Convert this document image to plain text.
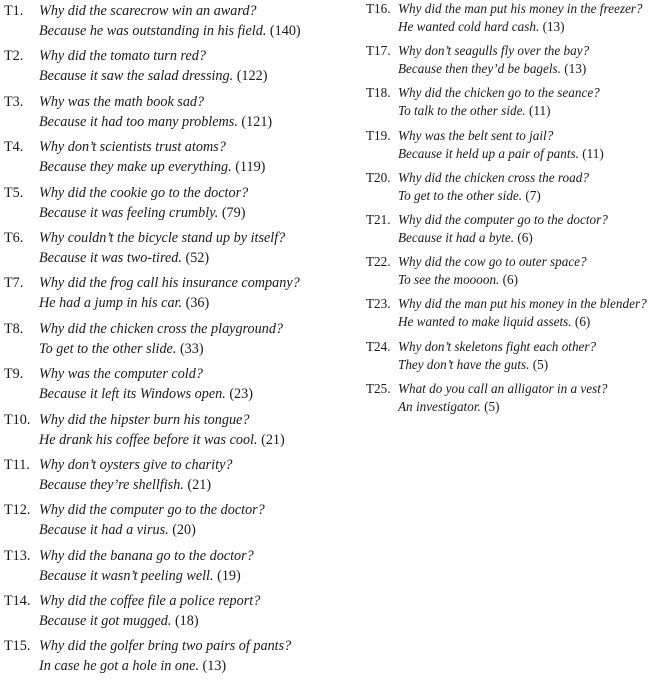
T1. Why did the scarecrow win an award?
Because he was outstanding in his field. (140)
T2. Why did the tomato turn red?
Because it saw the salad dressing. (122)
T3. Why was the math book sad?
Because it had too many problems. (121)
T4. Why don’t scientists trust atoms?
Because they make up everything. (119)
T5. Why did the cookie go to the doctor?
Because it was feeling crumbly. (79)
T6. Why couldn’t the bicycle stand up by itself?
Because it was two-tired. (52)
T7. Why did the frog call his insurance company?
He had a jump in his car. (36)
T8. Why did the chicken cross the playground?
To get to the other slide. (33)
T9. Why was the computer cold?
Because it left its Windows open. (23)
T10. Why did the hipster burn his tongue?
He drank his coffee before it was cool. (21)
T11. Why don’t oysters give to charity?
Because they’re shellfish. (21)
T12. Why did the computer go to the doctor?
Because it had a virus. (20)
T13. Why did the banana go to the doctor?
Because it wasn’t peeling well. (19)
T14. Why did the coffee file a police report?
Because it got mugged. (18)
T15. Why did the golfer bring two pairs of pants?
In case he got a hole in one. (13)
T16. Why did the man put his money in the freezer?
He wanted cold hard cash. (13)
T17. Why don’t seagulls fly over the bay?
Because then they’d be bagels. (13)
T18. Why did the chicken go to the seance?
To talk to the other side. (11)
T19. Why was the belt sent to jail?
Because it held up a pair of pants. (11)
T20. Why did the chicken cross the road?
To get to the other side. (7)
T21. Why did the computer go to the doctor?
Because it had a byte. (6)
T22. Why did the cow go to outer space?
To see the moooon. (6)
T23. Why did the man put his money in the blender?
He wanted to make liquid assets. (6)
T24. Why don’t skeletons fight each other?
They don’t have the guts. (5)
T25. What do you call an alligator in a vest?
An investigator. (5)
